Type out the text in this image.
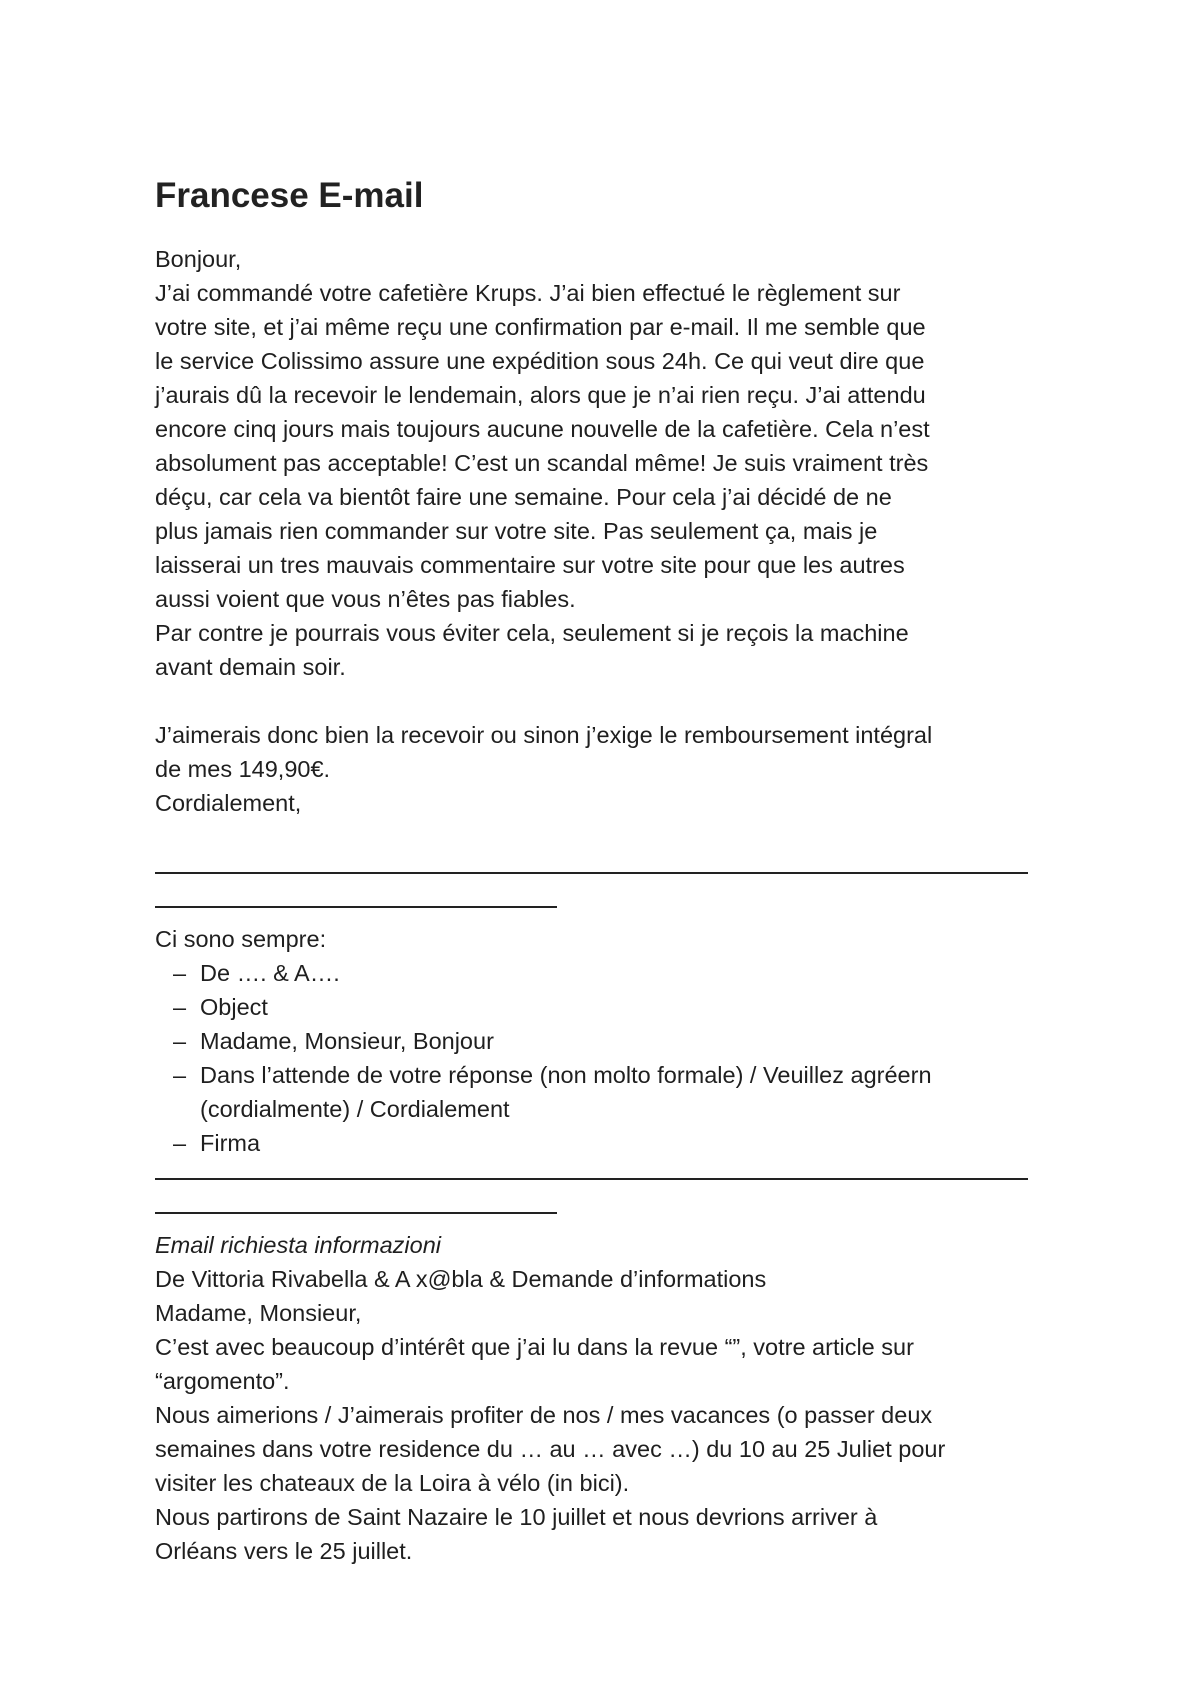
Francese E-mail
Bonjour,
J’ai commandé votre cafetière Krups. J’ai bien effectué le règlement sur
votre site, et j’ai même reçu une confirmation par e-mail. Il me semble que
le service Colissimo assure une expédition sous 24h. Ce qui veut dire que
j’aurais dû la recevoir le lendemain, alors que je n’ai rien reçu. J’ai attendu
encore cinq jours mais toujours aucune nouvelle de la cafetière. Cela n’est
absolument pas acceptable! C’est un scandal même! Je suis vraiment très
déçu, car cela va bientôt faire une semaine. Pour cela j’ai décidé de ne
plus jamais rien commander sur votre site. Pas seulement ça, mais je
laisserai un tres mauvais commentaire sur votre site pour que les autres
aussi voient que vous n’êtes pas fiables.
Par contre je pourrais vous éviter cela, seulement si je reçois la machine
avant demain soir.
J’aimerais donc bien la recevoir ou sinon j’exige le remboursement intégral
de mes 149,90€.
Cordialement,
Ci sono sempre:
– De …. & A….
– Object
– Madame, Monsieur, Bonjour
– Dans l’attende de votre réponse (non molto formale) / Veuillez agréern
(cordialmente) / Cordialement
– Firma
Email richiesta informazioni
De Vittoria Rivabella & A x@bla & Demande d’informations
Madame, Monsieur,
C’est avec beaucoup d’intérêt que j’ai lu dans la revue “”, votre article sur
“argomento”.
Nous aimerions / J’aimerais profiter de nos / mes vacances (o passer deux
semaines dans votre residence du … au … avec …) du 10 au 25 Juliet pour
visiter les chateaux de la Loira à vélo (in bici).
Nous partirons de Saint Nazaire le 10 juillet et nous devrions arriver à
Orléans vers le 25 juillet.
